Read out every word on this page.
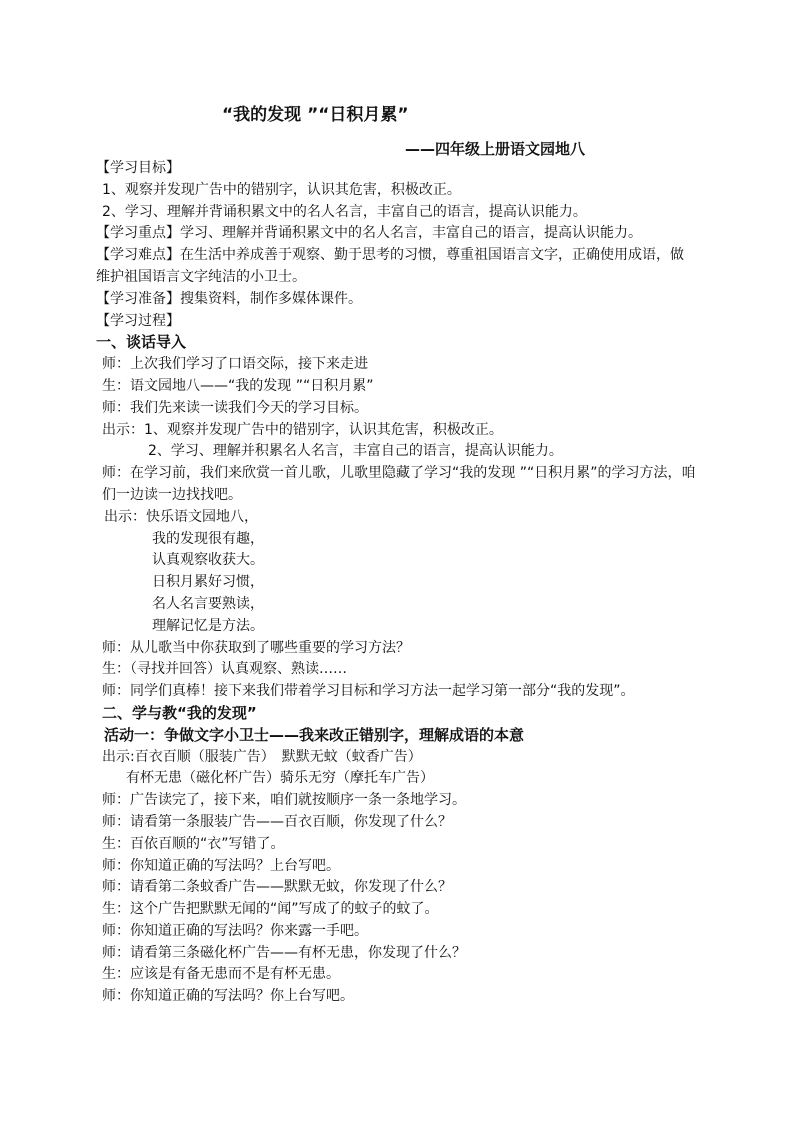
“我的发现 ”“日积月累”
——四年级上册语文园地八
【学习目标】
1、观察并发现广告中的错别字，认识其危害，积极改正。
2、学习、理解并背诵积累文中的名人名言，丰富自己的语言，提高认识能力。
【学习重点】学习、理解并背诵积累文中的名人名言，丰富自己的语言，提高认识能力。
【学习难点】在生活中养成善于观察、勤于思考的习惯，尊重祖国语言文字，正确使用成语，做维护祖国语言文字纯洁的小卫士。
【学习准备】搜集资料，制作多媒体课件。
【学习过程】
一、谈话导入
师：上次我们学习了口语交际，接下来走进
生：语文园地八——“我的发现 ”“日积月累”
师：我们先来读一读我们今天的学习目标。
出示：1、观察并发现广告中的错别字，认识其危害，积极改正。
2、学习、理解并积累名人名言，丰富自己的语言，提高认识能力。
师：在学习前，我们来欣赏一首儿歌，儿歌里隐藏了学习“我的发现 ”“日积月累”的学习方法，咱们一边读一边找找吧。
出示：快乐语文园地八，
我的发现很有趣，
认真观察收获大。
日积月累好习惯，
名人名言要熟读，
理解记忆是方法。
师：从儿歌当中你获取到了哪些重要的学习方法？
生：（寻找并回答）认真观察、熟读……
师：同学们真棒！接下来我们带着学习目标和学习方法一起学习第一部分“我的发现”。
二、学与教“我的发现”
活动一：争做文字小卫士——我来改正错别字，理解成语的本意
出示:百衣百顺（服装广告）　默默无蚊（蚊香广告）
有杯无患（磁化杯广告）骑乐无穷（摩托车广告）
师：广告读完了，接下来，咱们就按顺序一条一条地学习。
师：请看第一条服装广告——百衣百顺，你发现了什么？
生：百依百顺的“衣”写错了。
师：你知道正确的写法吗？上台写吧。
师：请看第二条蚊香广告——默默无蚊，你发现了什么？
生：这个广告把默默无闻的“闻”写成了的蚊子的蚊了。
师：你知道正确的写法吗？你来露一手吧。
师：请看第三条磁化杯广告——有杯无患，你发现了什么？
生：应该是有备无患而不是有杯无患。
师：你知道正确的写法吗？你上台写吧。
